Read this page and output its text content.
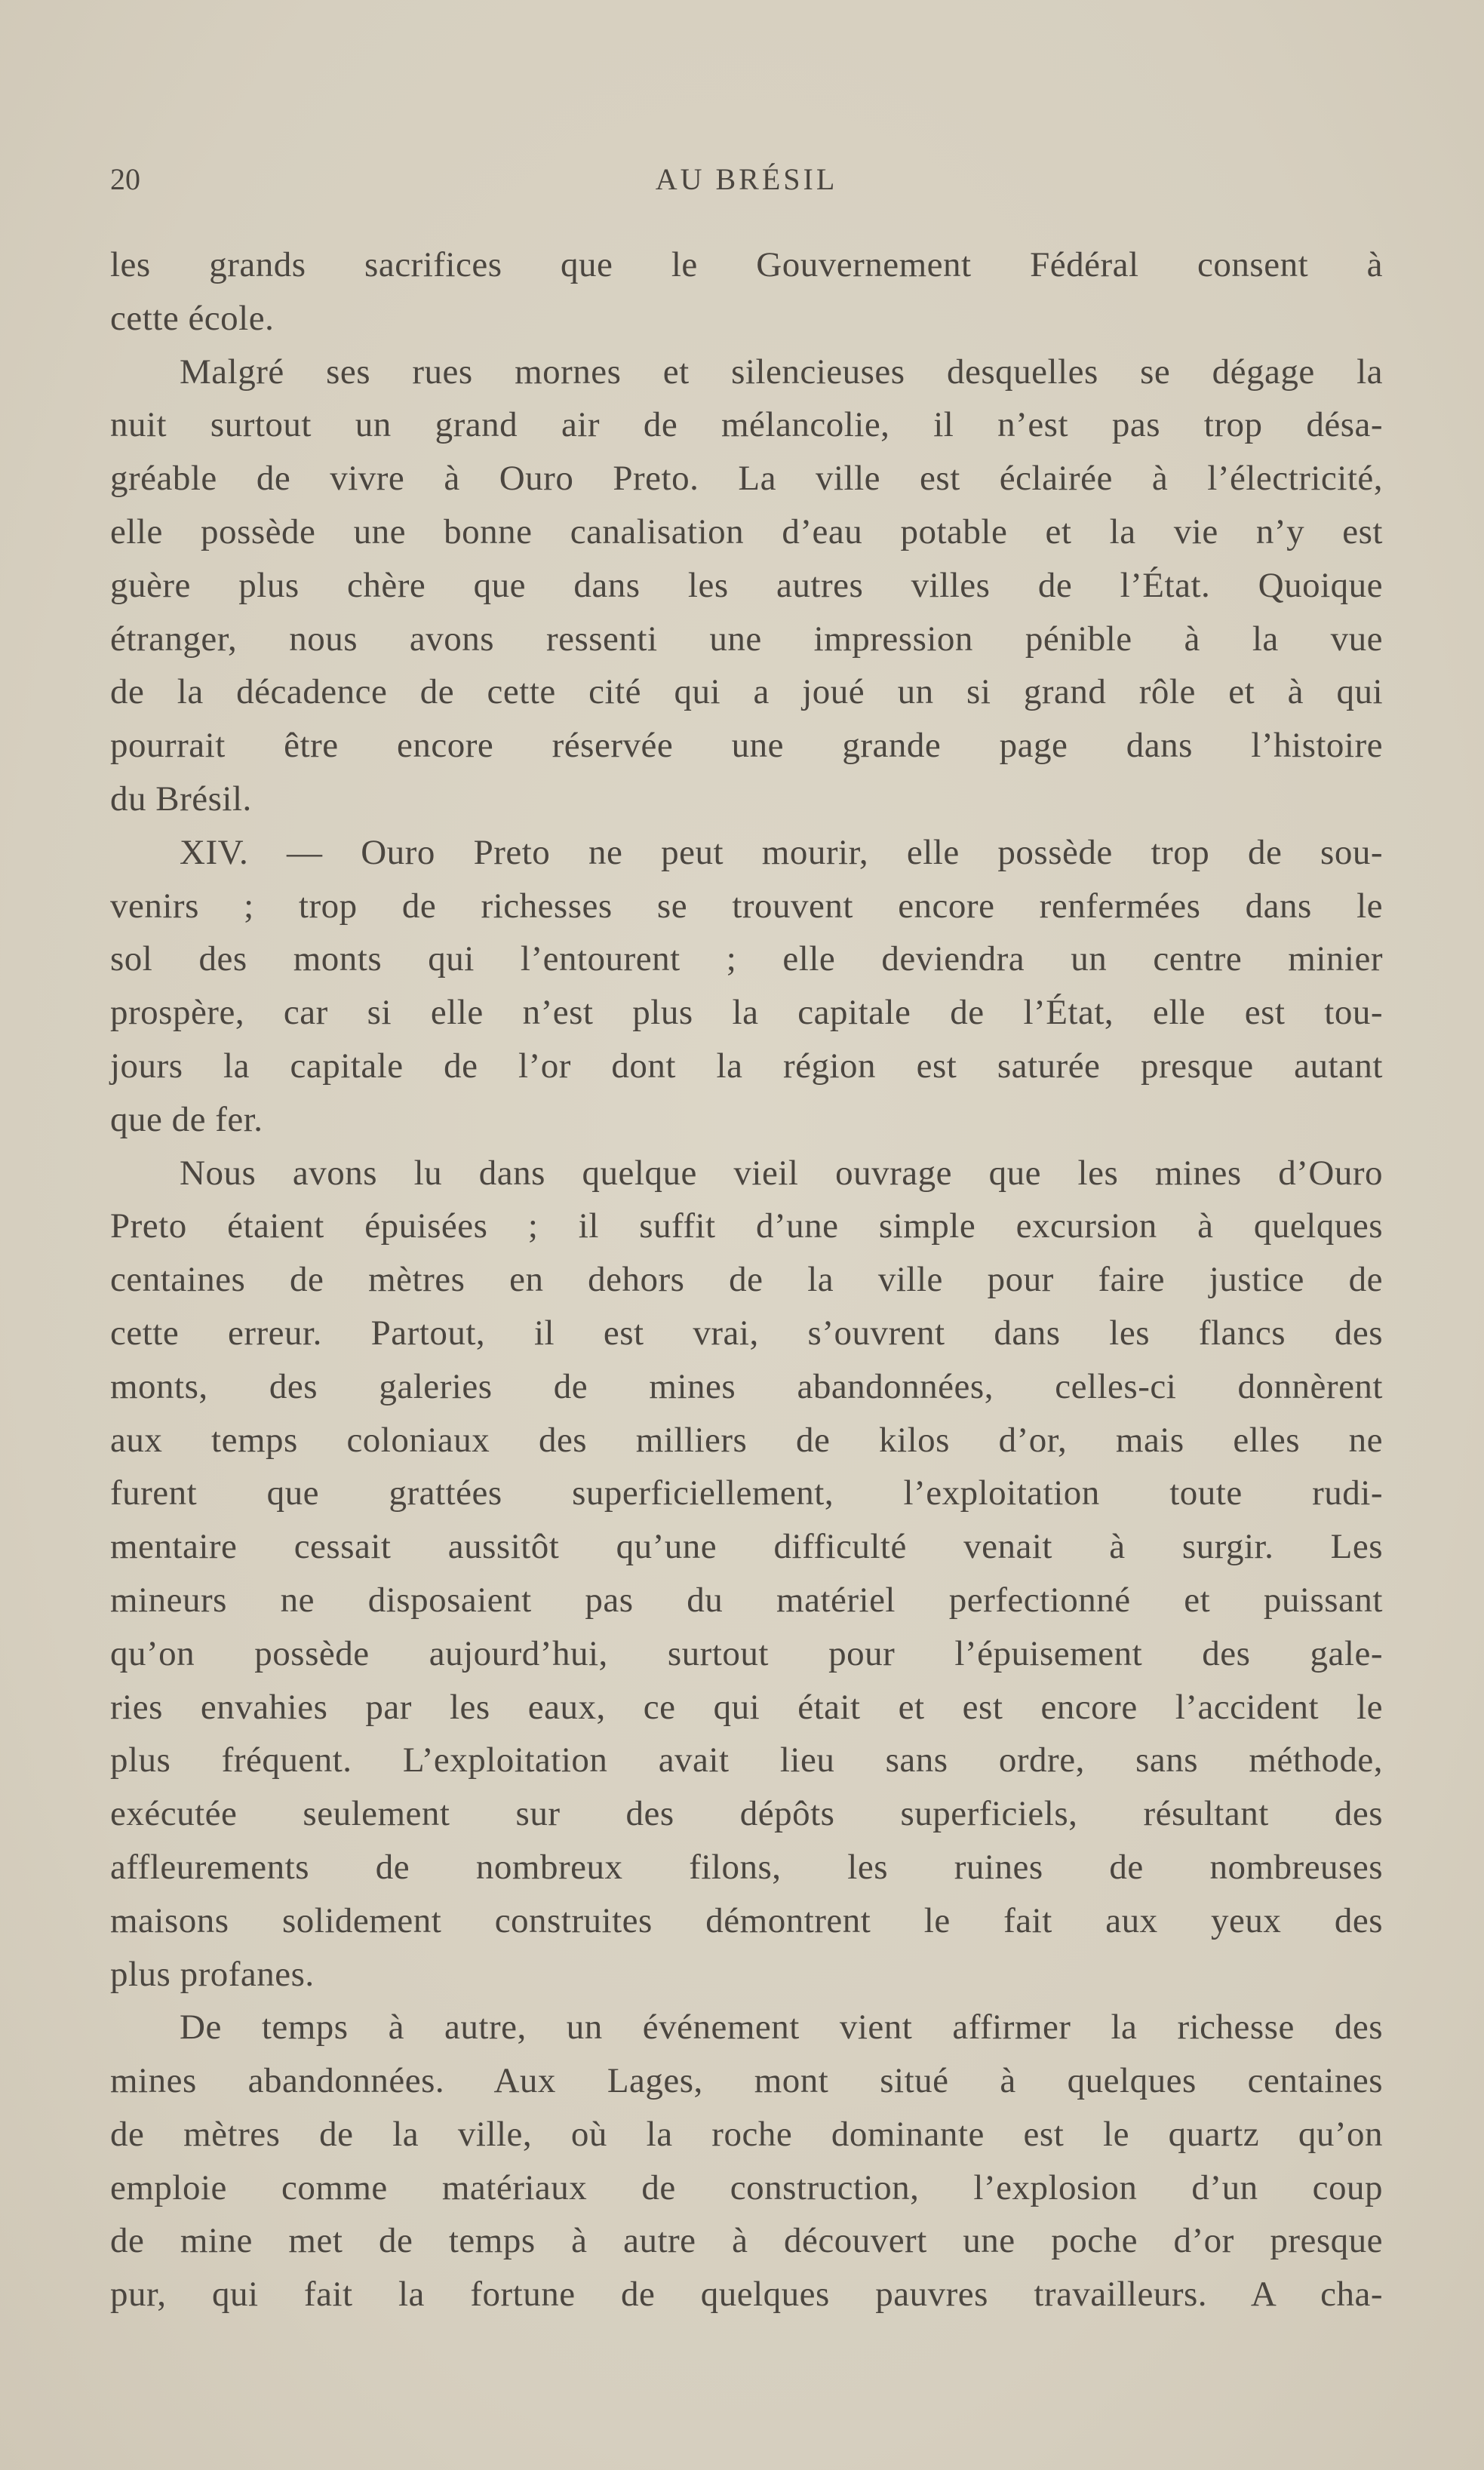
20	AU BRÉSIL
les grands sacrifices que le Gouvernement Fédéral consent à
cette école.
Malgré ses rues mornes et silencieuses desquelles se dégage la
nuit surtout un grand air de mélancolie, il n’est pas trop désa-
gréable de vivre à Ouro Preto. La ville est éclairée à l’électricité,
elle possède une bonne canalisation d’eau potable et la vie n’y est
guère plus chère que dans les autres villes de l’État. Quoique
étranger, nous avons ressenti une impression pénible à la vue
de la décadence de cette cité qui a joué un si grand rôle et à qui
pourrait être encore réservée une grande page dans l’histoire
du Brésil.
XIV. — Ouro Preto ne peut mourir, elle possède trop de sou-
venirs ; trop de richesses se trouvent encore renfermées dans le
sol des monts qui l’entourent ; elle deviendra un centre minier
prospère, car si elle n’est plus la capitale de l’État, elle est tou-
jours la capitale de l’or dont la région est saturée presque autant
que de fer.
Nous avons lu dans quelque vieil ouvrage que les mines d’Ouro
Preto étaient épuisées ; il suffit d’une simple excursion à quelques
centaines de mètres en dehors de la ville pour faire justice de
cette erreur. Partout, il est vrai, s’ouvrent dans les flancs des
monts, des galeries de mines abandonnées, celles-ci donnèrent
aux temps coloniaux des milliers de kilos d’or, mais elles ne
furent que grattées superficiellement, l’exploitation toute rudi-
mentaire cessait aussitôt qu’une difficulté venait à surgir. Les
mineurs ne disposaient pas du matériel perfectionné et puissant
qu’on possède aujourd’hui, surtout pour l’épuisement des gale-
ries envahies par les eaux, ce qui était et est encore l’accident le
plus fréquent. L’exploitation avait lieu sans ordre, sans méthode,
exécutée seulement sur des dépôts superficiels, résultant des
affleurements de nombreux filons, les ruines de nombreuses
maisons solidement construites démontrent le fait aux yeux des
plus profanes.
De temps à autre, un événement vient affirmer la richesse des
mines abandonnées. Aux Lages, mont situé à quelques centaines
de mètres de la ville, où la roche dominante est le quartz qu’on
emploie comme matériaux de construction, l’explosion d’un coup
de mine met de temps à autre à découvert une poche d’or presque
pur, qui fait la fortune de quelques pauvres travailleurs. A cha-
